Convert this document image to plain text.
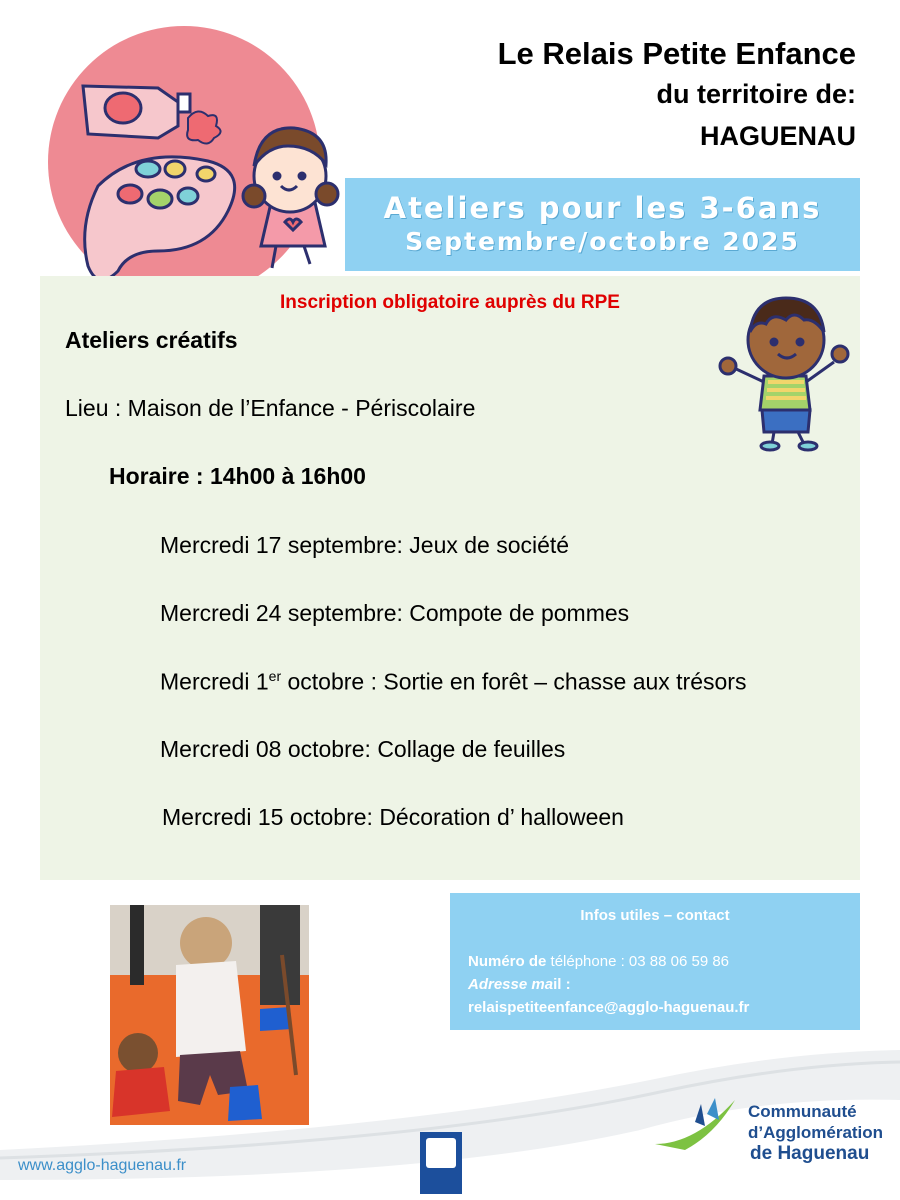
Le Relais Petite Enfance
du territoire de:
HAGUENAU
Ateliers pour les 3-6ans
Septembre/octobre 2025
Inscription obligatoire auprès du RPE
Ateliers créatifs
Lieu : Maison de l’Enfance - Périscolaire
Horaire : 14h00 à 16h00
Mercredi 17 septembre: Jeux de société
Mercredi 24 septembre: Compote de pommes
Mercredi 1er octobre : Sortie en forêt – chasse aux trésors
Mercredi 08 octobre: Collage de feuilles
Mercredi 15 octobre: Décoration d’ halloween
Infos utiles – contact
Numéro de téléphone : 03 88 06 59 86
Adresse mail :
relaispetiteenfance@agglo-haguenau.fr
www.agglo-haguenau.fr
Communauté
d’Agglomération
de Haguenau
